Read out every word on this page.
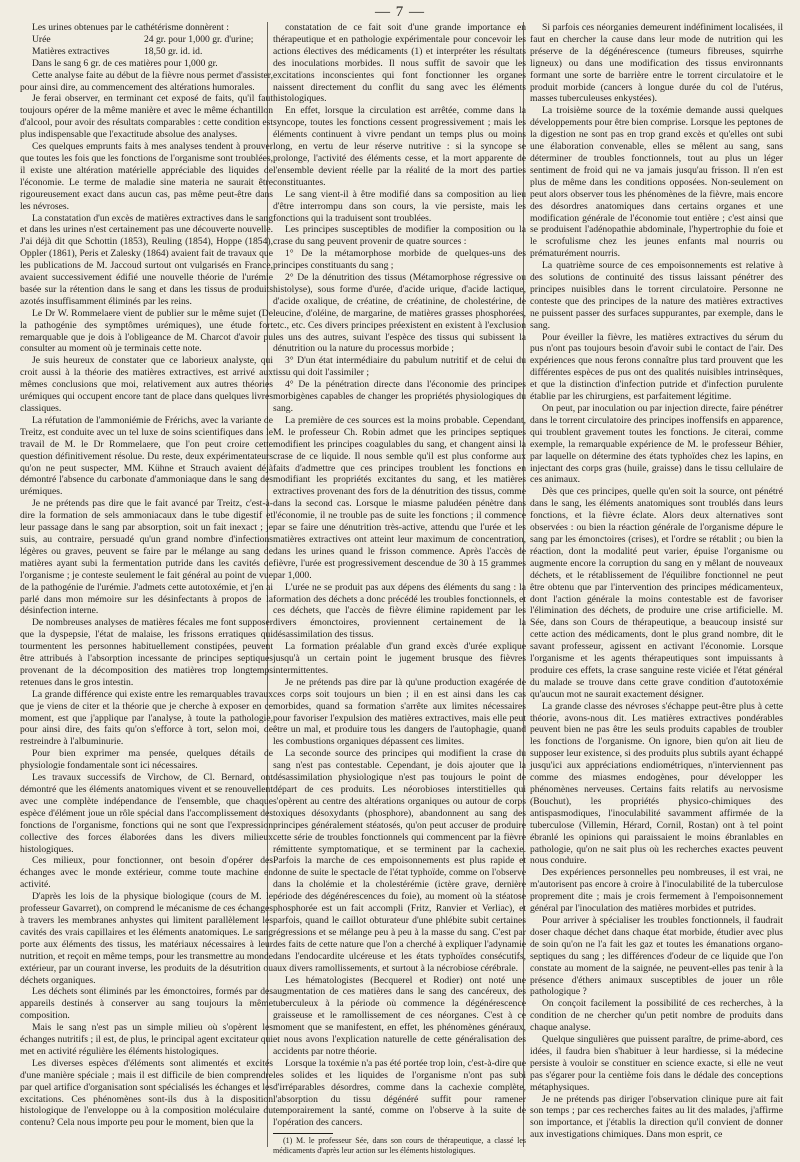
— 7 —

Les urines obtenues par le cathétérisme donnèrent :

Urée	24 gr. pour 1,000 gr. d'urine;
Matières extractives	18,50 gr. id. id.

Dans le sang 6 gr. de ces matières pour 1,000 gr.

Cette analyse faite au début de la fièvre nous permet d'assister, pour ainsi dire, au commencement des altérations humorales.

Je ferai observer, en terminant cet exposé de faits, qu'il faut toujours opérer de la même manière et avec le même échantillon d'alcool, pour avoir des résultats comparables : cette condition est plus indispensable que l'exactitude absolue des analyses.

Ces quelques emprunts faits à mes analyses tendent à prouver que toutes les fois que les fonctions de l'organisme sont troublées, il existe une altération matérielle appréciable des liquides de l'économie. Le terme de maladie sine materia ne saurait être rigoureusement exact dans aucun cas, pas même peut-être dans les névroses.

La constatation d'un excès de matières extractives dans le sang et dans les urines n'est certainement pas une découverte nouvelle. J'ai déjà dit que Schottin (1853), Reuling (1854), Hoppe (1854), Oppler (1861), Peris et Zalesky (1864) avaient fait de travaux que les publications de M. Jaccoud surtout ont vulgarisés en France, avaient successivement édifié une nouvelle théorie de l'urémie basée sur la rétention dans le sang et dans les tissus de produits azotés insuffisamment éliminés par les reins.

Le Dr W. Rommelaere vient de publier sur le même sujet (De la pathogénie des symptômes urémiques), une étude fort remarquable que je dois à l'obligeance de M. Charcot d'avoir pu consulter au moment où je terminais cette note.

Je suis heureux de constater que ce laborieux analyste, qui croit aussi à la théorie des matières extractives, est arrivé aux mêmes conclusions que moi, relativement aux autres théories urémiques qui occupent encore tant de place dans quelques livres classiques.

La réfutation de l'ammoniémie de Frérichs, avec la variante de Treitz, est conduite avec un tel luxe de soins scientifiques dans le travail de M. le Dr Rommelaere, que l'on peut croire cette question définitivement résolue. Du reste, deux expérimentateurs qu'on ne peut suspecter, MM. Kühne et Strauch avaient déjà démontré l'absence du carbonate d'ammoniaque dans le sang des urémiques.

Je ne prétends pas dire que le fait avancé par Treitz, c'est-à-dire la formation de sels ammoniacaux dans le tube digestif et leur passage dans le sang par absorption, soit un fait inexact ; je suis, au contraire, persuadé qu'un grand nombre d'infections légères ou graves, peuvent se faire par le mélange au sang de matières ayant subi la fermentation putride dans les cavités de l'organisme ; je conteste seulement le fait général au point de vue de la pathogénie de l'urémie. J'admets cette autotoxémie, et j'en ai parlé dans mon mémoire sur les désinfectants à propos de la désinfection interne.

De nombreuses analyses de matières fécales me font supposer que la dyspepsie, l'état de malaise, les frissons erratiques qui tourmentent les personnes habituellement constipées, peuvent être attribués à l'absorption incessante de principes septiques provenant de la décomposition des matières trop longtemps retenues dans le gros intestin.

La grande différence qui existe entre les remarquables travaux que je viens de citer et la théorie que je cherche à exposer en ce moment, est que j'applique par l'analyse, à toute la pathologie, pour ainsi dire, des faits qu'on s'efforce à tort, selon moi, de restreindre à l'albuminurie.

Pour bien exprimer ma pensée, quelques détails de physiologie fondamentale sont ici nécessaires.

Les travaux successifs de Virchow, de Cl. Bernard, ont démontré que les éléments anatomiques vivent et se renouvellent avec une complète indépendance de l'ensemble, que chaque espèce d'élément joue un rôle spécial dans l'accomplissement des fonctions de l'organisme, fonctions qui ne sont que l'expression collective des forces élaborées dans les divers milieux histologiques.

Ces milieux, pour fonctionner, ont besoin d'opérer des échanges avec le monde extérieur, comme toute machine en activité.

D'après les lois de la physique biologique (cours de M. le professeur Gavarret), on comprend le mécanisme de ces échanges à travers les membranes anhystes qui limitent parallèlement les cavités des vrais capillaires et les éléments anatomiques. Le sang porte aux éléments des tissus, les matériaux nécessaires à leur nutrition, et reçoit en même temps, pour les transmettre au monde extérieur, par un courant inverse, les produits de la désutrition ou déchets organiques.

Les déchets sont éliminés par les émonctoires, formés par des appareils destinés à conserver au sang toujours la même composition.

Mais le sang n'est pas un simple milieu où s'opèrent les échanges nutritifs ; il est, de plus, le principal agent excitateur qui met en activité régulière les éléments histologiques.

Les diverses espèces d'éléments sont alimentés et excités d'une manière spéciale ; mais il est difficile de bien comprendre par quel artifice d'organisation sont spécialisés les échanges et les excitations. Ces phénomènes sont-ils dus à la disposition histologique de l'enveloppe ou à la composition moléculaire du contenu? Cela nous importe peu pour le moment, bien que la

constatation de ce fait soit d'une grande importance en thérapeutique et en pathologie expérimentale pour concevoir les actions électives des médicaments (1) et interpréter les résultats des inoculations morbides. Il nous suffit de savoir que les excitations inconscientes qui font fonctionner les organes naissent directement du conflit du sang avec les éléments histologiques.

En effet, lorsque la circulation est arrêtée, comme dans la syncope, toutes les fonctions cessent progressivement ; mais les éléments continuent à vivre pendant un temps plus ou moins long, en vertu de leur réserve nutritive : si la syncope se prolonge, l'activité des éléments cesse, et la mort apparente de l'ensemble devient réelle par la réalité de la mort des parties constituantes.

Le sang vient-il à être modifié dans sa composition au lieu d'être interrompu dans son cours, la vie persiste, mais les fonctions qui la traduisent sont troublées.

Les principes susceptibles de modifier la composition ou la crase du sang peuvent provenir de quatre sources :

1° De la métamorphose morbide de quelques-uns des principes constituants du sang ;

2° De la dénutrition des tissus (Métamorphose régressive ou histolyse), sous forme d'urée, d'acide urique, d'acide lactique, d'acide oxalique, de créatine, de créatinine, de cholestérine, de leucine, d'oléine, de margarine, de matières grasses phosphorées, etc., etc. Ces divers principes préexistent en existent à l'exclusion les uns des autres, suivant l'espèce des tissus qui subissent la dénutrition ou la nature du processus morbide ;

3° D'un état intermédiaire du pabulum nutritif et de celui du tissu qui doit l'assimiler ;

4° De la pénétration directe dans l'économie des principes morbigènes capables de changer les propriétés physiologiques du sang.

La première de ces sources est la moins probable. Cependant, M. le professeur Ch. Robin admet que les principes septiques modifient les principes coagulables du sang, et changent ainsi la crase de ce liquide. Il nous semble qu'il est plus conforme aux faits d'admettre que ces principes troublent les fonctions en modifiant les propriétés excitantes du sang, et les matières extractives provenant des fors de la dénutrition des tissus, comme dans la second cas. Lorsque le miasme paludéen pénètre dans l'économie, il ne trouble pas de suite les fonctions ; il commence par se faire une dénutrition très-active, attendu que l'urée et les matières extractives ont atteint leur maximum de concentration, dans les urines quand le frisson commence. Après l'accès de fièvre, l'urée est progressivement descendue de 30 à 15 grammes par 1,000.

L'urée ne se produit pas aux dépens des éléments du sang : la formation des déchets a donc précédé les troubles fonctionnels, et ces déchets, que l'accès de fièvre élimine rapidement par les divers émonctoires, proviennent certainement de la désassimilation des tissus.

La formation préalable d'un grand excès d'urée explique jusqu'à un certain point le jugement brusque des fièvres intermittentes.

Je ne prétends pas dire par là qu'une production exagérée de ces corps soit toujours un bien ; il en est ainsi dans les cas morbides, quand sa formation s'arrête aux limites nécessaires pour favoriser l'expulsion des matières extractives, mais elle peut être un mal, et produire tous les dangers de l'autophagie, quand les combustions organiques dépassent ces limites.

La seconde source des principes qui modifient la crase du sang n'est pas contestable. Cependant, je dois ajouter que la désassimilation physiologique n'est pas toujours le point de départ de ces produits. Les néorobioses interstitielles qui s'opèrent au centre des altérations organiques ou autour de corps toxiques désoxydants (phosphore), abandonnent au sang des principes généralement stéatosés, qu'on peut accuser de produire cette série de troubles fonctionnels qui commencent par la fièvre rémittente symptomatique, et se terminent par la cachexie. Parfois la marche de ces empoisonnements est plus rapide et donne de suite le spectacle de l'état typhoïde, comme on l'observe dans la cholémie et la cholestérémie (ictère grave, dernière période des dégénérescences du foie), au moment où la stéatose phosphorée est un fait accompli (Fritz, Ranvier et Verliac), et parfois, quand le caillot obturateur d'une phlébite subit certaines régressions et se mélange peu à peu à la masse du sang. C'est par des faits de cette nature que l'on a cherché à expliquer l'adynamie dans l'endocardite ulcéreuse et les états typhoïdes consécutifs, aux divers ramollissements, et surtout à la nécrobiose cérébrale.

Les hématologistes (Becquerel et Rodier) ont noté une augmentation de ces matières dans le sang des cancéreux, des tuberculeux à la période où commence la dégénérescence graisseuse et le ramollissement de ces néorganes. C'est à ce moment que se manifestent, en effet, les phénomènes généraux, et nous avons l'explication naturelle de cette généralisation des accidents par notre théorie.

Lorsque la toxémie n'a pas été portée trop loin, c'est-à-dire que les solides et les liquides de l'organisme n'ont pas subi d'irréparables désordres, comme dans la cachexie complète, l'absorption du tissu dégénéré suffit pour ramener temporairement la santé, comme on l'observe à la suite de l'opération des cancers.

(1) M. le professeur Sée, dans son cours de thérapeutique, a classé les médicaments d'après leur action sur les éléments histologiques.

Si parfois ces néorganies demeurent indéfiniment localisées, il faut en chercher la cause dans leur mode de nutrition qui les préserve de la dégénérescence (tumeurs fibreuses, squirrhe ligneux) ou dans une modification des tissus environnants formant une sorte de barrière entre le torrent circulatoire et le produit morbide (cancers à longue durée du col de l'utérus, masses tuberculeuses enkystées).

La troisième source de la toxémie demande aussi quelques développements pour être bien comprise. Lorsque les peptones de la digestion ne sont pas en trop grand excès et qu'elles ont subi une élaboration convenable, elles se mêlent au sang, sans déterminer de troubles fonctionnels, tout au plus un léger sentiment de froid qui ne va jamais jusqu'au frisson. Il n'en est plus de même dans les conditions opposées. Non-seulement on peut alors observer tous les phénomènes de la fièvre, mais encore des désordres anatomiques dans certains organes et une modification générale de l'économie tout entière ; c'est ainsi que se produisent l'adénopathie abdominale, l'hypertrophie du foie et le scrofulisme chez les jeunes enfants mal nourris ou prématurément nourris.

La quatrième source de ces empoisonnements est relative à des solutions de continuité des tissus laissant pénétrer des principes nuisibles dans le torrent circulatoire. Personne ne conteste que des principes de la nature des matières extractives ne puissent passer des surfaces suppurantes, par exemple, dans le sang.

Pour éveiller la fièvre, les matières extractives du sérum du pus n'ont pas toujours besoin d'avoir subi le contact de l'air. Des expériences que nous ferons connaître plus tard prouvent que les différentes espèces de pus ont des qualités nuisibles intrinsèques, et que la distinction d'infection putride et d'infection purulente établie par les chirurgiens, est parfaitement légitime.

On peut, par inoculation ou par injection directe, faire pénétrer dans le torrent circulatoire des principes inoffensifs en apparence, qui troublent gravement toutes les fonctions. Je citerai, comme exemple, la remarquable expérience de M. le professeur Béhier, par laquelle on détermine des états typhoïdes chez les lapins, en injectant des corps gras (huile, graisse) dans le tissu cellulaire de ces animaux.

Dès que ces principes, quelle qu'en soit la source, ont pénétré dans le sang, les éléments anatomiques sont troublés dans leurs fonctions, et la fièvre éclate. Alors deux alternatives sont observées : ou bien la réaction générale de l'organisme dépure le sang par les émonctoires (crises), et l'ordre se rétablit ; ou bien la réaction, dont la modalité peut varier, épuise l'organisme ou augmente encore la corruption du sang en y mêlant de nouveaux déchets, et le rétablissement de l'équilibre fonctionnel ne peut être obtenu que par l'intervention des principes médicamenteux, dont l'action générale la moins contestable est de favoriser l'élimination des déchets, de produire une crise artificielle. M. Sée, dans son Cours de thérapeutique, a beaucoup insisté sur cette action des médicaments, dont le plus grand nombre, dit le savant professeur, agissent en activant l'économie. Lorsque l'organisme et les agents thérapeutiques sont impuissants à produire ces effets, la crase sanguine reste viciée et l'état général du malade se trouve dans cette grave condition d'autotoxémie qu'aucun mot ne saurait exactement désigner.

La grande classe des névroses s'échappe peut-être plus à cette théorie, avons-nous dit. Les matières extractives pondérables peuvent bien ne pas être les seuls produits capables de troubler les fonctions de l'organisme. On ignore, bien qu'on ait lieu de supposer leur existence, si des produits plus subtils ayant échappé jusqu'ici aux appréciations endiométriques, n'interviennent pas comme des miasmes endogènes, pour développer les phénomènes nerveuses. Certains faits relatifs au nervosisme (Bouchut), les propriétés physico-chimiques des antispasmodiques, l'inoculabilité savamment affirmée de la tuberculose (Villemin, Hérard, Cornil, Rostan) ont à tel point ébranlé les opinions qui paraissaient le moins ébranlables en pathologie, qu'on ne sait plus où les recherches exactes peuvent nous conduire.

Des expériences personnelles peu nombreuses, il est vrai, ne m'autorisent pas encore à croire à l'inoculabilité de la tuberculose proprement dite ; mais je crois fermement à l'empoisonnement général par l'inoculation des matières morbides et putrides.

Pour arriver à spécialiser les troubles fonctionnels, il faudrait doser chaque déchet dans chaque état morbide, étudier avec plus de soin qu'on ne l'a fait les gaz et toutes les émanations organo-septiques du sang ; les différences d'odeur de ce liquide que l'on constate au moment de la saignée, ne peuvent-elles pas tenir à la présence d'éthers animaux susceptibles de jouer un rôle pathologique ?

On conçoit facilement la possibilité de ces recherches, à la condition de ne chercher qu'un petit nombre de produits dans chaque analyse.

Quelque singulières que puissent paraître, de prime-abord, ces idées, il faudra bien s'habituer à leur hardiesse, si la médecine persiste à vouloir se constituer en science exacte, si elle ne veut pas s'égarer pour la centième fois dans le dédale des conceptions métaphysiques.

Je ne prétends pas diriger l'observation clinique pure ait fait son temps ; par ces recherches faites au lit des malades, j'affirme son importance, et j'établis la direction qu'il convient de donner aux investigations chimiques. Dans mon esprit, ce
